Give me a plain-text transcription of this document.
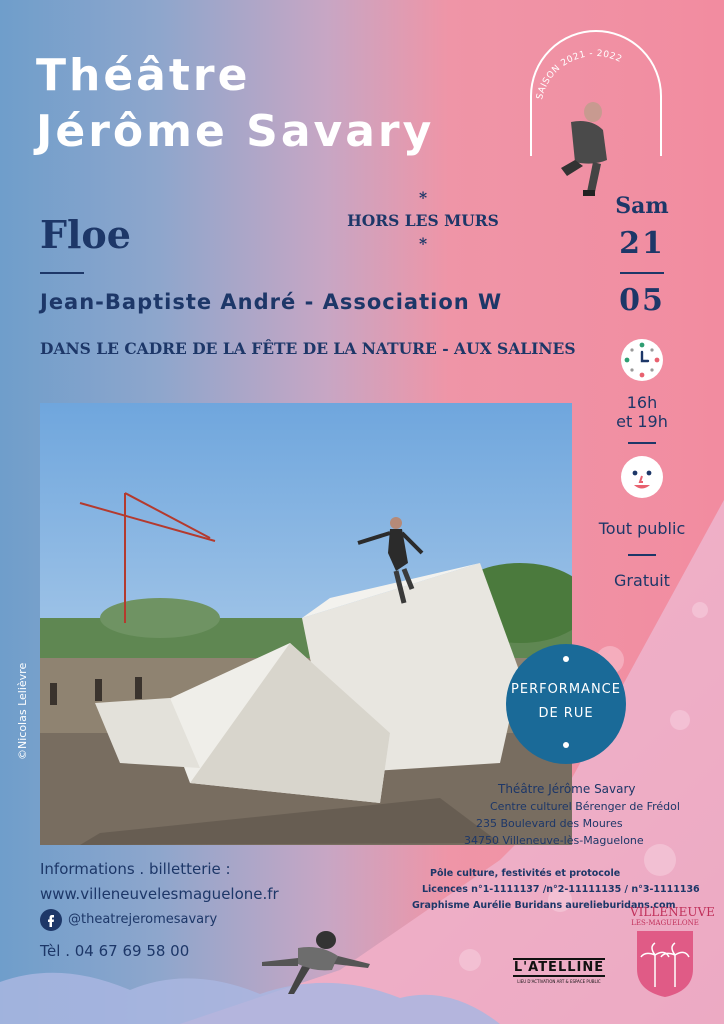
Théâtre
Jérôme Savary
SAISON 2021 - 2022
Floe
*
HORS LES MURS
*
Jean-Baptiste André - Association W
DANS LE CADRE DE LA FÊTE DE LA NATURE - AUX SALINES
Sam
21
05
16h
et 19h
Tout public
Gratuit
©Nicolas Lelièvre	PERFORMANCE
DE RUE
Théâtre Jérôme Savary
Centre culturel Bérenger de Frédol
235 Boulevard des Moures
34750 Villeneuve-lès-Maguelone
Pôle culture, festivités et protocole
Licences n°1-1111137 /n°2-11111135 / n°3-1111136
Graphisme Aurélie Buridans aurelieburidans.com
Informations . billetterie :
www.villeneuvelesmaguelone.fr
@theatrejeromesavary
Tèl . 04 67 69 58 00
L'ATELLINE
LIEU D'ACTIVATION ART & ESPACE PUBLIC
VILLENEUVE
LES-MAGUELONE
